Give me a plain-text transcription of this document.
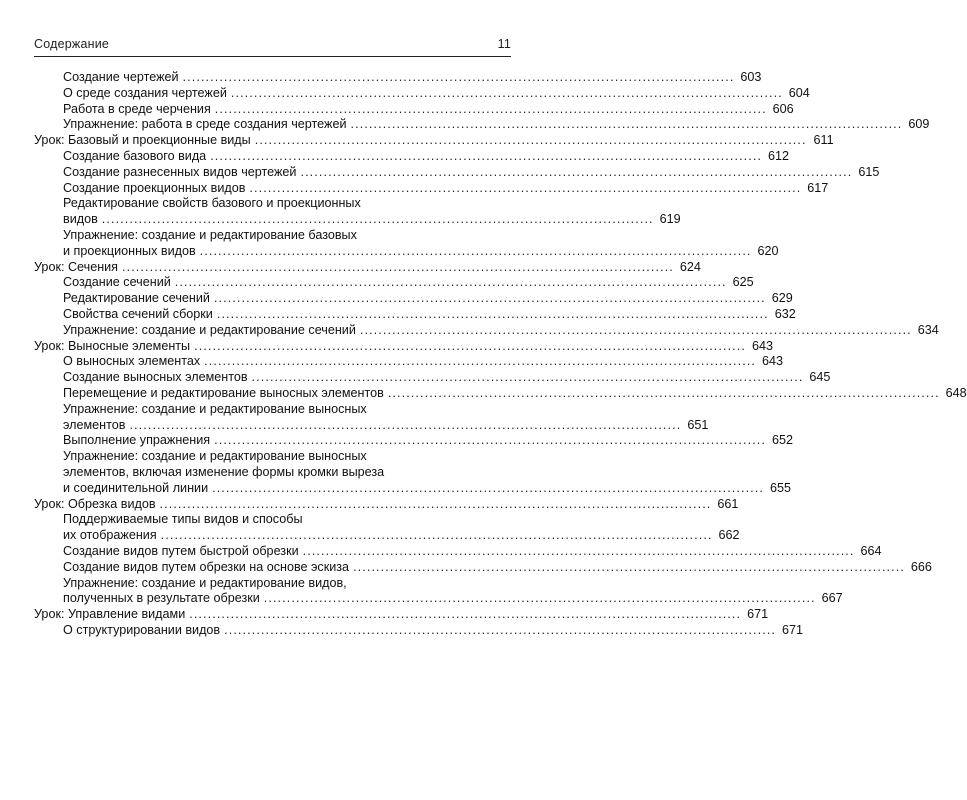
Содержание	11
Создание чертежей ........................................................................................................................ 603
О среде создания чертежей ........................................................................................................................ 604
Работа в среде черчения ........................................................................................................................ 606
Упражнение: работа в среде создания чертежей ........................................................................................................................ 609
Урок: Базовый и проекционные виды ........................................................................................................................ 611
Создание базового вида ........................................................................................................................ 612
Создание разнесенных видов чертежей ........................................................................................................................ 615
Создание проекционных видов ........................................................................................................................ 617
Редактирование свойств базового и проекционных
видов ........................................................................................................................ 619
Упражнение: создание и редактирование базовых
и проекционных видов ........................................................................................................................ 620
Урок: Сечения ........................................................................................................................ 624
Создание сечений ........................................................................................................................ 625
Редактирование сечений ........................................................................................................................ 629
Свойства сечений сборки ........................................................................................................................ 632
Упражнение: создание и редактирование сечений ........................................................................................................................ 634
Урок: Выносные элементы ........................................................................................................................ 643
О выносных элементах ........................................................................................................................ 643
Создание выносных элементов ........................................................................................................................ 645
Перемещение и редактирование выносных элементов ........................................................................................................................ 648
Упражнение: создание и редактирование выносных
элементов ........................................................................................................................ 651
Выполнение упражнения ........................................................................................................................ 652
Упражнение: создание и редактирование выносных
элементов, включая изменение формы кромки выреза
и соединительной линии ........................................................................................................................ 655
Урок: Обрезка видов ........................................................................................................................ 661
Поддерживаемые типы видов и способы
их отображения ........................................................................................................................ 662
Создание видов путем быстрой обрезки ........................................................................................................................ 664
Создание видов путем обрезки на основе эскиза ........................................................................................................................ 666
Упражнение: создание и редактирование видов,
полученных в результате обрезки ........................................................................................................................ 667
Урок: Управление видами ........................................................................................................................ 671
О структурировании видов ........................................................................................................................ 671
